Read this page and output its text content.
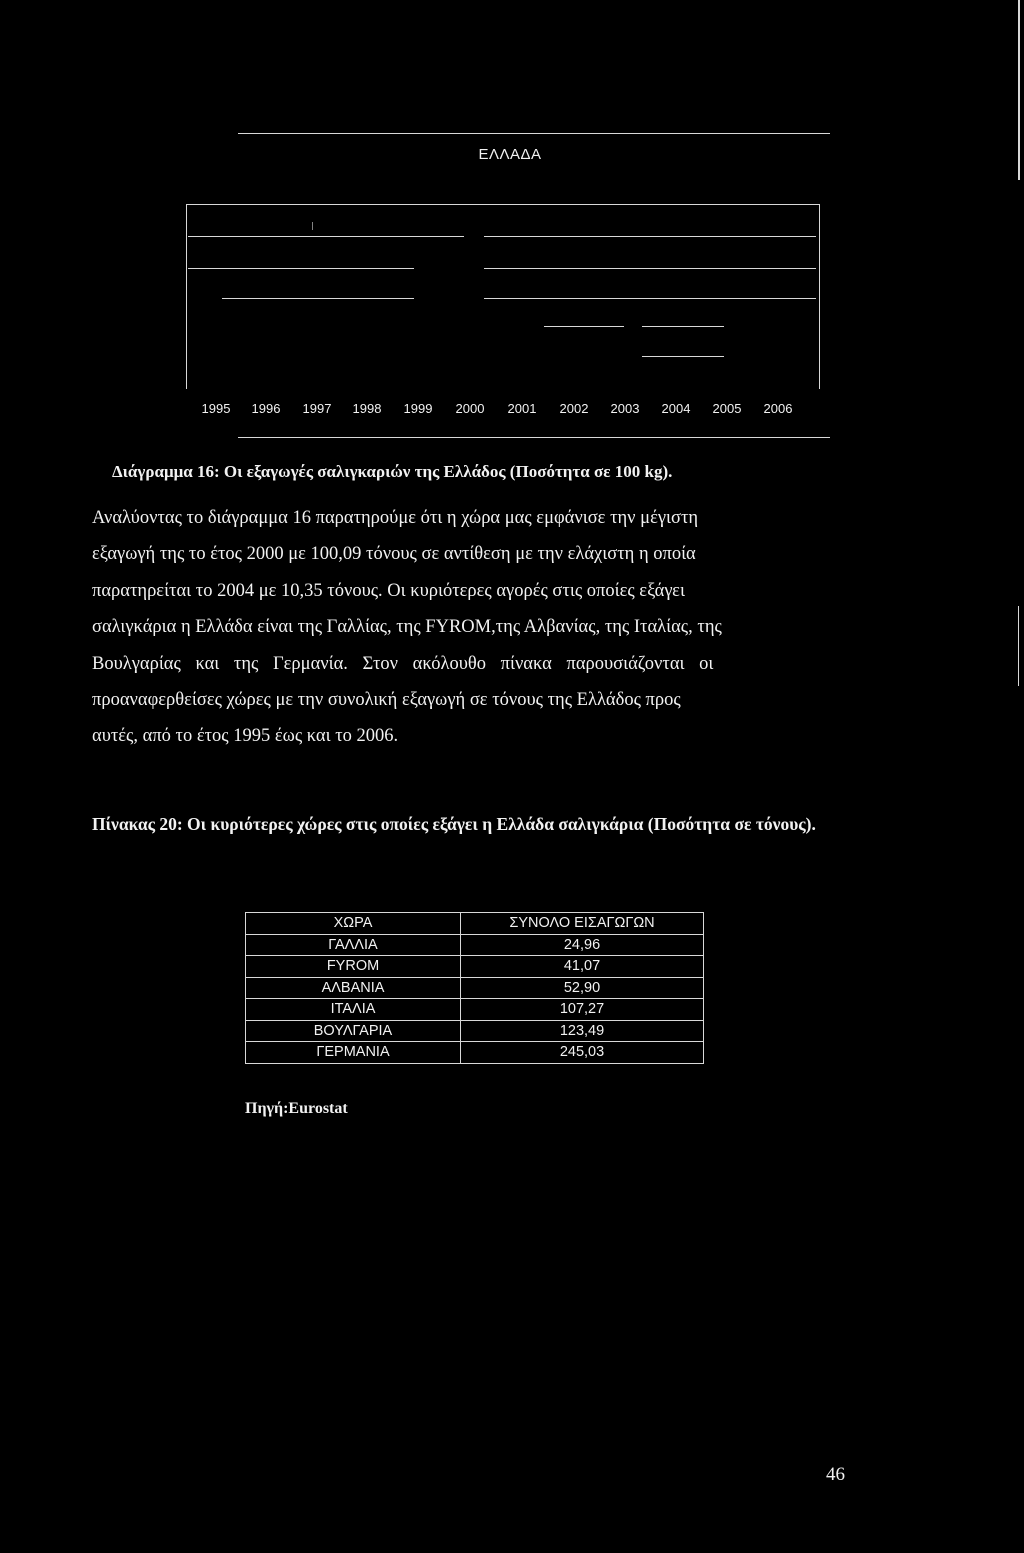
ΕΛΛΑΔΑ
1995 1996 1997 1998 1999 2000 2001 2002 2003 2004 2005 2006
Διάγραμμα 16: Οι εξαγωγές σαλιγκαριών της Ελλάδος (Ποσότητα σε 100 kg).
Αναλύοντας το διάγραμμα 16 παρατηρούμε ότι η χώρα μας εμφάνισε την μέγιστη
εξαγωγή της το έτος 2000 με 100,09 τόνους σε αντίθεση με την ελάχιστη η οποία
παρατηρείται το 2004 με 10,35 τόνους. Οι κυριότερες αγορές στις οποίες εξάγει
σαλιγκάρια η Ελλάδα είναι της Γαλλίας, της FYROM,της Αλβανίας, της Ιταλίας, της
Βουλγαρίας και της Γερμανία. Στον ακόλουθο πίνακα παρουσιάζονται οι
προαναφερθείσες χώρες με την συνολική εξαγωγή σε τόνους της Ελλάδος προς
αυτές, από το έτος 1995 έως και το 2006.
Πίνακας 20: Οι κυριότερες χώρες στις οποίες εξάγει η Ελλάδα σαλιγκάρια (Ποσότητα σε τόνους).
ΧΩΡΑ	ΣΥΝΟΛΟ ΕΙΣΑΓΩΓΩΝ
ΓΑΛΛΙΑ	24,96
FYROM	41,07
ΑΛΒΑΝΙΑ	52,90
ΙΤΑΛΙΑ	107,27
ΒΟΥΛΓΑΡΙΑ	123,49
ΓΕΡΜΑΝΙΑ	245,03
Πηγή:Eurostat
46
